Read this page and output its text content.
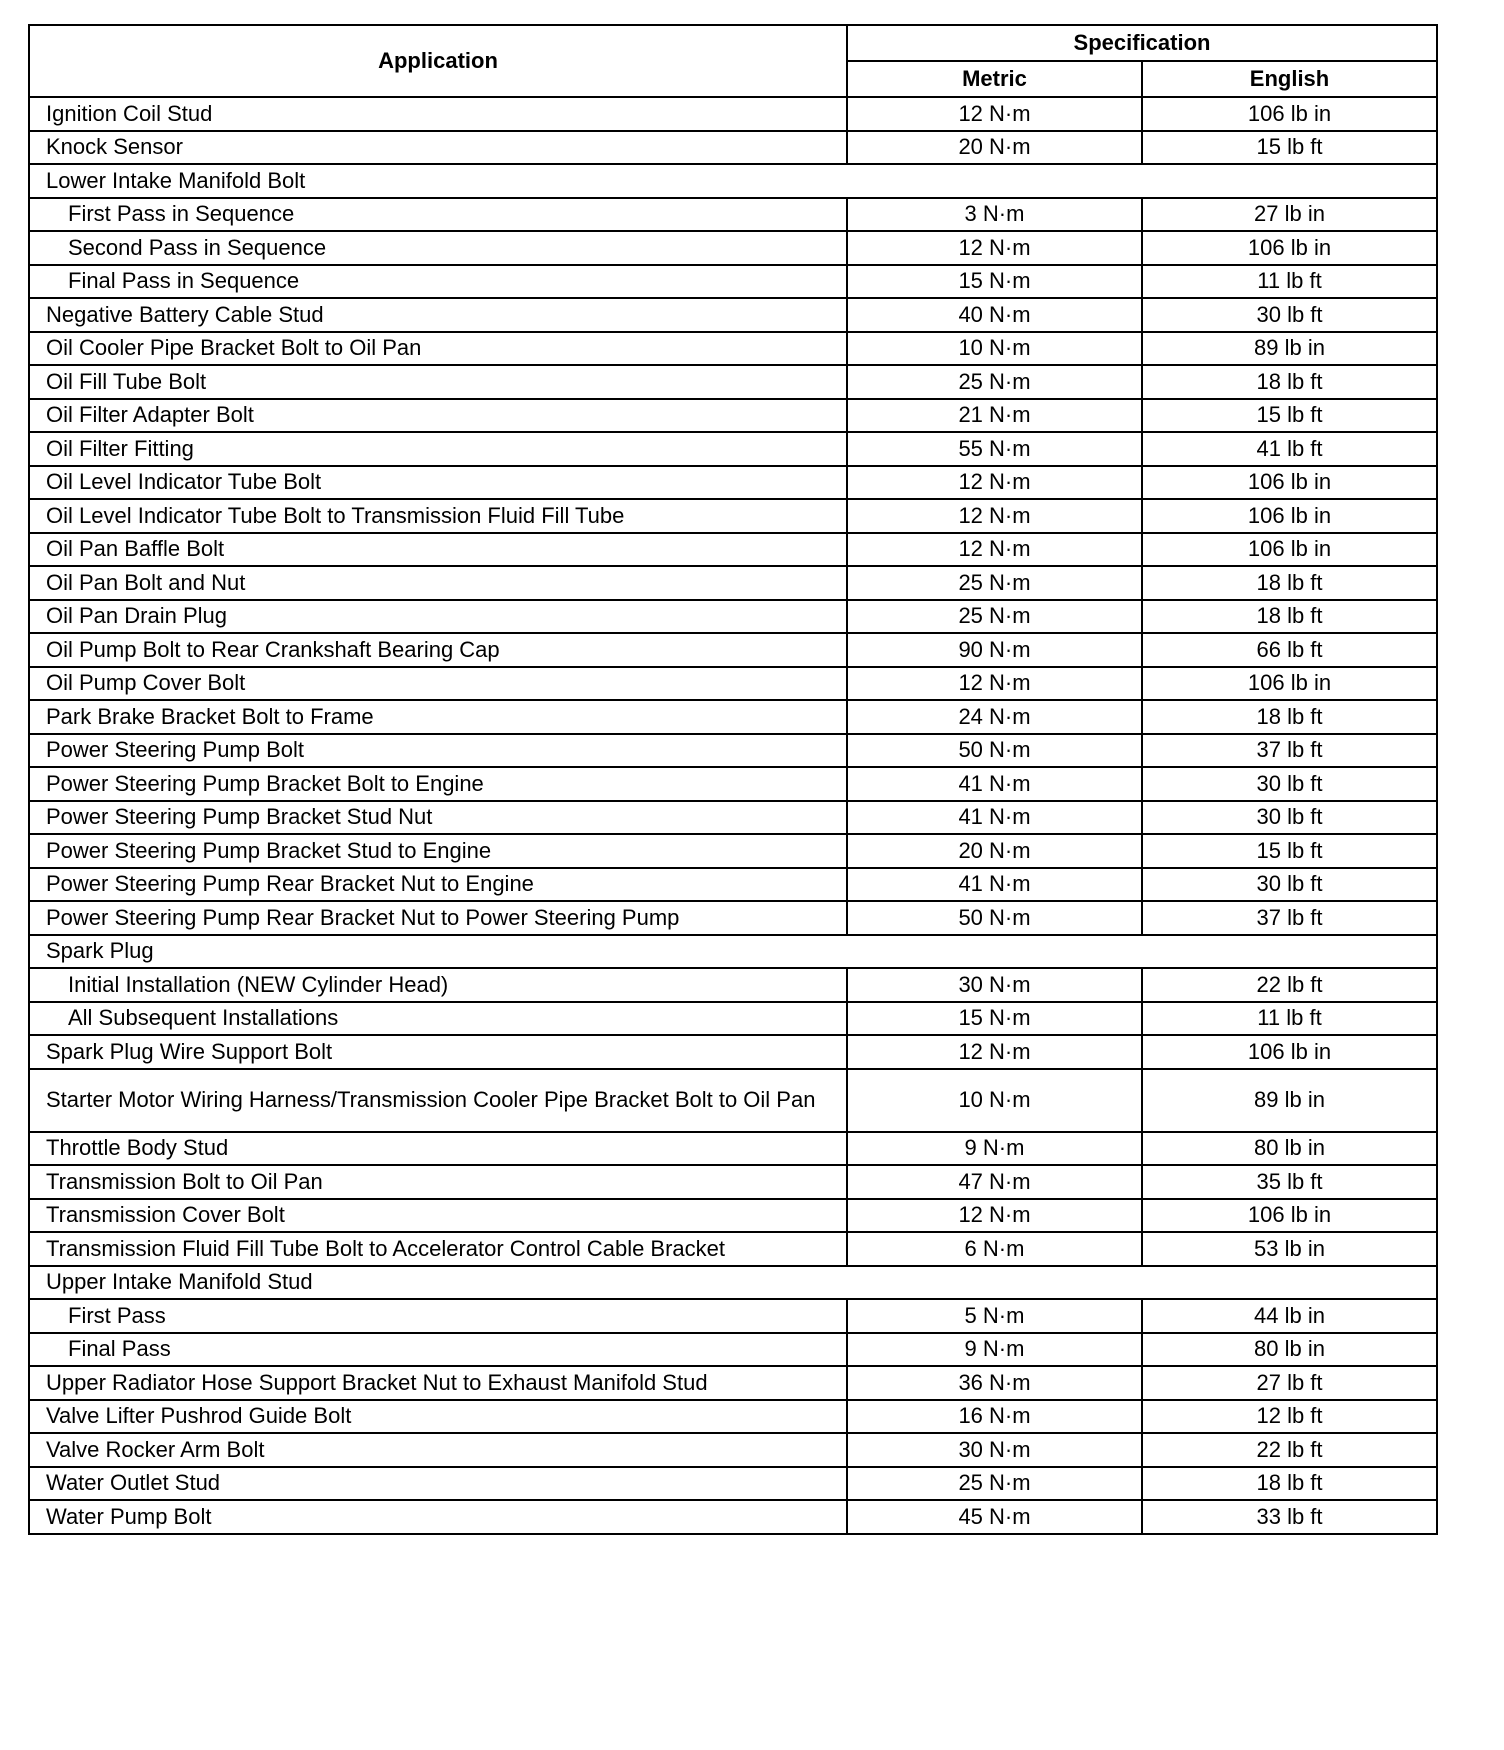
Application	Specification	
	Metric	English
Ignition Coil Stud	12 N·m	106 lb in
Knock Sensor	20 N·m	15 lb ft
Lower Intake Manifold Bolt		
First Pass in Sequence	3 N·m	27 lb in
Second Pass in Sequence	12 N·m	106 lb in
Final Pass in Sequence	15 N·m	11 lb ft
Negative Battery Cable Stud	40 N·m	30 lb ft
Oil Cooler Pipe Bracket Bolt to Oil Pan	10 N·m	89 lb in
Oil Fill Tube Bolt	25 N·m	18 lb ft
Oil Filter Adapter Bolt	21 N·m	15 lb ft
Oil Filter Fitting	55 N·m	41 lb ft
Oil Level Indicator Tube Bolt	12 N·m	106 lb in
Oil Level Indicator Tube Bolt to Transmission Fluid Fill Tube	12 N·m	106 lb in
Oil Pan Baffle Bolt	12 N·m	106 lb in
Oil Pan Bolt and Nut	25 N·m	18 lb ft
Oil Pan Drain Plug	25 N·m	18 lb ft
Oil Pump Bolt to Rear Crankshaft Bearing Cap	90 N·m	66 lb ft
Oil Pump Cover Bolt	12 N·m	106 lb in
Park Brake Bracket Bolt to Frame	24 N·m	18 lb ft
Power Steering Pump Bolt	50 N·m	37 lb ft
Power Steering Pump Bracket Bolt to Engine	41 N·m	30 lb ft
Power Steering Pump Bracket Stud Nut	41 N·m	30 lb ft
Power Steering Pump Bracket Stud to Engine	20 N·m	15 lb ft
Power Steering Pump Rear Bracket Nut to Engine	41 N·m	30 lb ft
Power Steering Pump Rear Bracket Nut to Power Steering Pump	50 N·m	37 lb ft
Spark Plug		
Initial Installation (NEW Cylinder Head)	30 N·m	22 lb ft
All Subsequent Installations	15 N·m	11 lb ft
Spark Plug Wire Support Bolt	12 N·m	106 lb in
Starter Motor Wiring Harness/Transmission Cooler Pipe Bracket Bolt to Oil Pan	10 N·m	89 lb in
Throttle Body Stud	9 N·m	80 lb in
Transmission Bolt to Oil Pan	47 N·m	35 lb ft
Transmission Cover Bolt	12 N·m	106 lb in
Transmission Fluid Fill Tube Bolt to Accelerator Control Cable Bracket	6 N·m	53 lb in
Upper Intake Manifold Stud		
First Pass	5 N·m	44 lb in
Final Pass	9 N·m	80 lb in
Upper Radiator Hose Support Bracket Nut to Exhaust Manifold Stud	36 N·m	27 lb ft
Valve Lifter Pushrod Guide Bolt	16 N·m	12 lb ft
Valve Rocker Arm Bolt	30 N·m	22 lb ft
Water Outlet Stud	25 N·m	18 lb ft
Water Pump Bolt	45 N·m	33 lb ft
